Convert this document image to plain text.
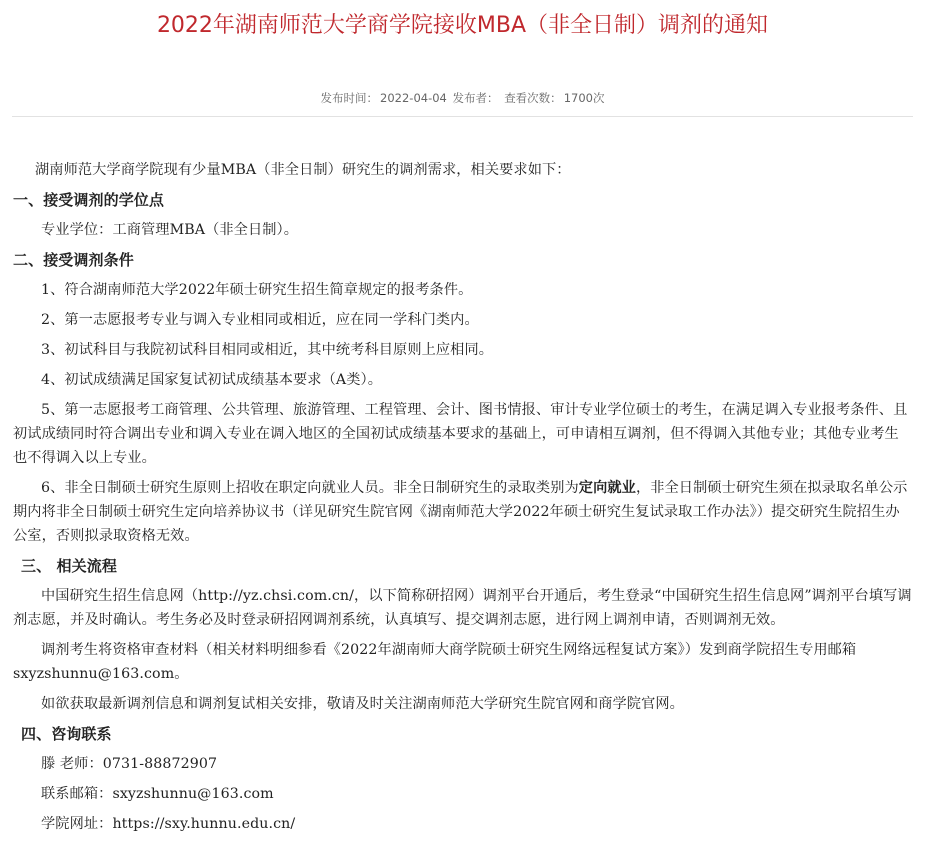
2022年湖南师范大学商学院接收MBA（非全日制）调剂的通知
发布时间： 2022-04-04 发布者： 查看次数： 1700次

湖南师范大学商学院现有少量MBA（非全日制）研究生的调剂需求，相关要求如下：

一、接受调剂的学位点

专业学位：工商管理MBA（非全日制）。

二、接受调剂条件

1、符合湖南师范大学2022年硕士研究生招生简章规定的报考条件。

2、第一志愿报考专业与调入专业相同或相近，应在同一学科门类内。

3、初试科目与我院初试科目相同或相近，其中统考科目原则上应相同。

4、初试成绩满足国家复试初试成绩基本要求（A类）。

5、第一志愿报考工商管理、公共管理、旅游管理、工程管理、会计、图书情报、审计专业学位硕士的考生，在满足调入专业报考条件、且初试成绩同时符合调出专业和调入专业在调入地区的全国初试成绩基本要求的基础上，可申请相互调剂，但不得调入其他专业；其他专业考生也不得调入以上专业。

6、非全日制硕士研究生原则上招收在职定向就业人员。非全日制研究生的录取类别为定向就业，非全日制硕士研究生须在拟录取名单公示期内将非全日制硕士研究生定向培养协议书（详见研究生院官网《湖南师范大学2022年硕士研究生复试录取工作办法》）提交研究生院招生办公室，否则拟录取资格无效。

三、 相关流程

中国研究生招生信息网（http://yz.chsi.com.cn/，以下简称研招网）调剂平台开通后，考生登录“中国研究生招生信息网”调剂平台填写调剂志愿，并及时确认。考生务必及时登录研招网调剂系统，认真填写、提交调剂志愿，进行网上调剂申请，否则调剂无效。

调剂考生将资格审查材料（相关材料明细参看《2022年湖南师大商学院硕士研究生网络远程复试方案》）发到商学院招生专用邮箱sxyzshunnu@163.com。

如欲获取最新调剂信息和调剂复试相关安排，敬请及时关注湖南师范大学研究生院官网和商学院官网。

四、咨询联系

滕 老师：0731-88872907

联系邮箱：sxyzshunnu@163.com

学院网址：https://sxy.hunnu.edu.cn/
